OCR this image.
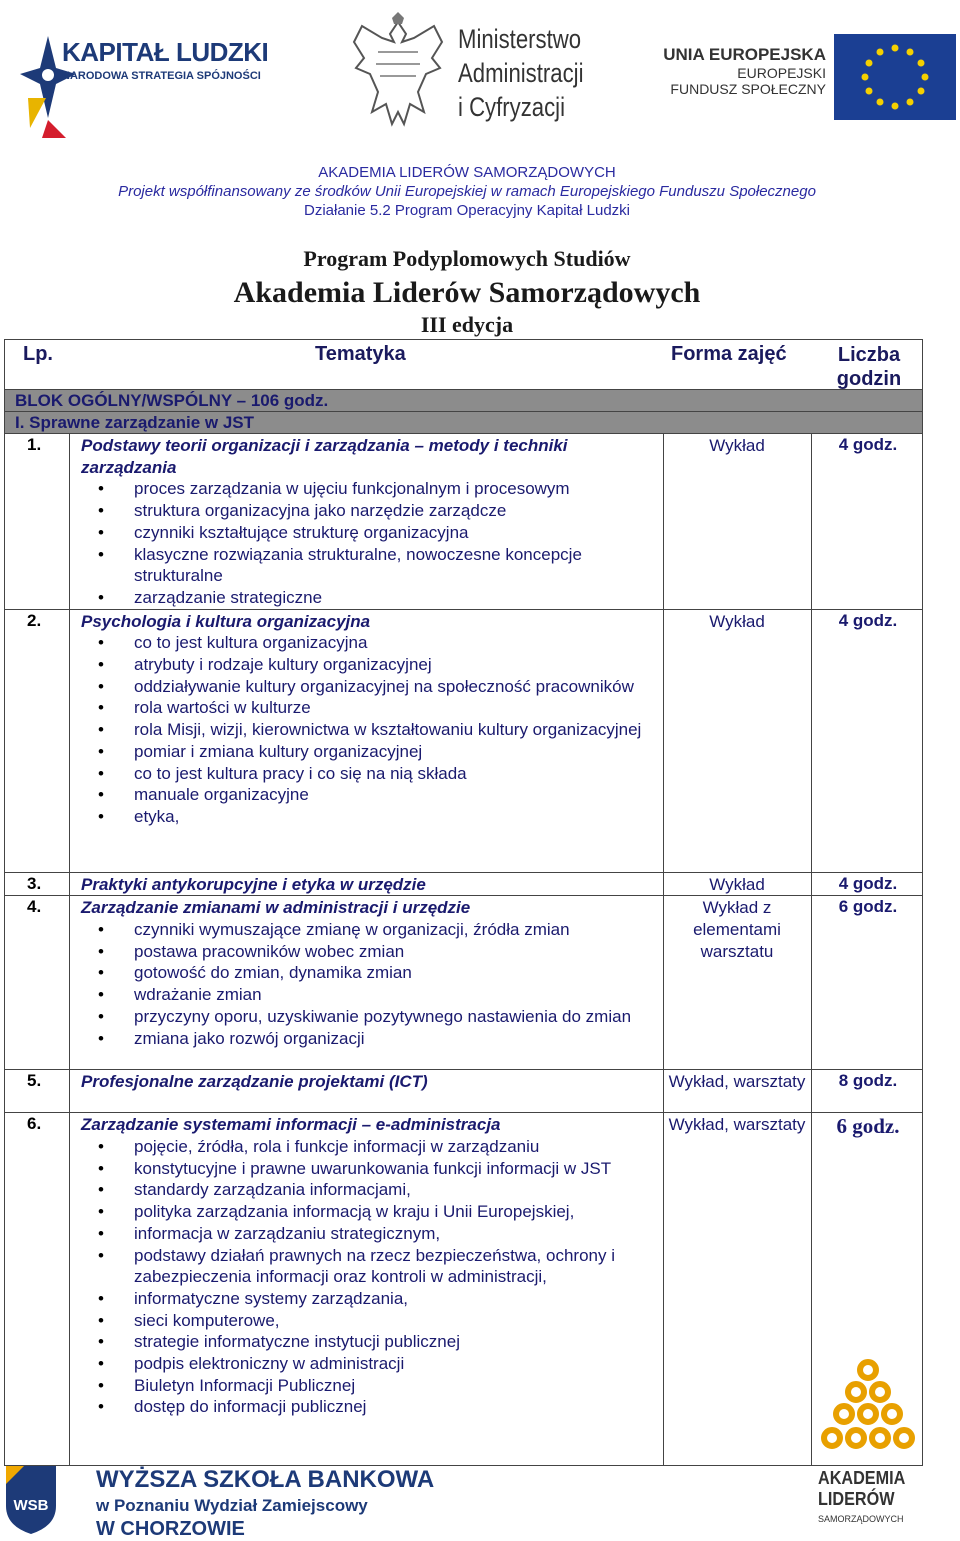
KAPITAŁ LUDZKI
NARODOWA STRATEGIA SPÓJNOŚCI
Ministerstwo
Administracji
i Cyfryzacji
UNIA EUROPEJSKA
EUROPEJSKI
FUNDUSZ SPOŁECZNY
AKADEMIA LIDERÓW SAMORZĄDOWYCH
Projekt współfinansowany ze środków Unii Europejskiej w ramach Europejskiego Funduszu Społecznego
Działanie 5.2 Program Operacyjny Kapitał Ludzki
Program Podyplomowych Studiów
Akademia Liderów Samorządowych
III edycja
Lp.	Tematyka	Forma zajęć	Liczba godzin
BLOK OGÓLNY/WSPÓLNY – 106 godz.
I. Sprawne zarządzanie w JST
1. Podstawy teorii organizacji i zarządzania – metody i techniki zarządzania
• proces zarządzania w ujęciu funkcjonalnym i procesowym
• struktura organizacyjna jako narzędzie zarządcze
• czynniki kształtujące strukturę organizacyjna
• klasyczne rozwiązania strukturalne, nowoczesne koncepcje strukturalne
• zarządzanie strategiczne
Wykład	4 godz.
2. Psychologia i kultura organizacyjna
• co to jest kultura organizacyjna
• atrybuty i rodzaje kultury organizacyjnej
• oddziaływanie kultury organizacyjnej na społeczność pracowników
• rola wartości w kulturze
• rola Misji, wizji, kierownictwa w kształtowaniu kultury organizacyjnej
• pomiar i zmiana kultury organizacyjnej
• co to jest kultura pracy i co się na nią składa
• manuale organizacyjne
• etyka,
Wykład	4 godz.
3. Praktyki antykorupcyjne i etyka w urzędzie	Wykład	4 godz.
4. Zarządzanie zmianami w administracji i urzędzie
• czynniki wymuszające zmianę w organizacji, źródła zmian
• postawa pracowników wobec zmian
• gotowość do zmian, dynamika zmian
• wdrażanie zmian
• przyczyny oporu, uzyskiwanie pozytywnego nastawienia do zmian
• zmiana jako rozwój organizacji
Wykład z elementami warsztatu
6 godz.
5. Profesjonalne zarządzanie projektami (ICT)	Wykład, warsztaty	8 godz.
6. Zarządzanie systemami informacji – e-administracja
• pojęcie, źródła, rola i funkcje informacji w zarządzaniu
• konstytucyjne i prawne uwarunkowania funkcji informacji w JST
• standardy zarządzania informacjami,
• polityka zarządzania informacją w kraju i Unii Europejskiej,
• informacja w zarządzaniu strategicznym,
• podstawy działań prawnych na rzecz bezpieczeństwa, ochrony i zabezpieczenia informacji oraz kontroli w administracji,
• informatyczne systemy zarządzania,
• sieci komputerowe,
• strategie informatyczne instytucji publicznej
• podpis elektroniczny w administracji
• Biuletyn Informacji Publicznej
• dostęp do informacji publicznej
Wykład, warsztaty	6 godz.
WSB
WYŻSZA SZKOŁA BANKOWA
w Poznaniu Wydział Zamiejscowy
W CHORZOWIE
AKADEMIA
LIDERÓW
SAMORZĄDOWYCH
